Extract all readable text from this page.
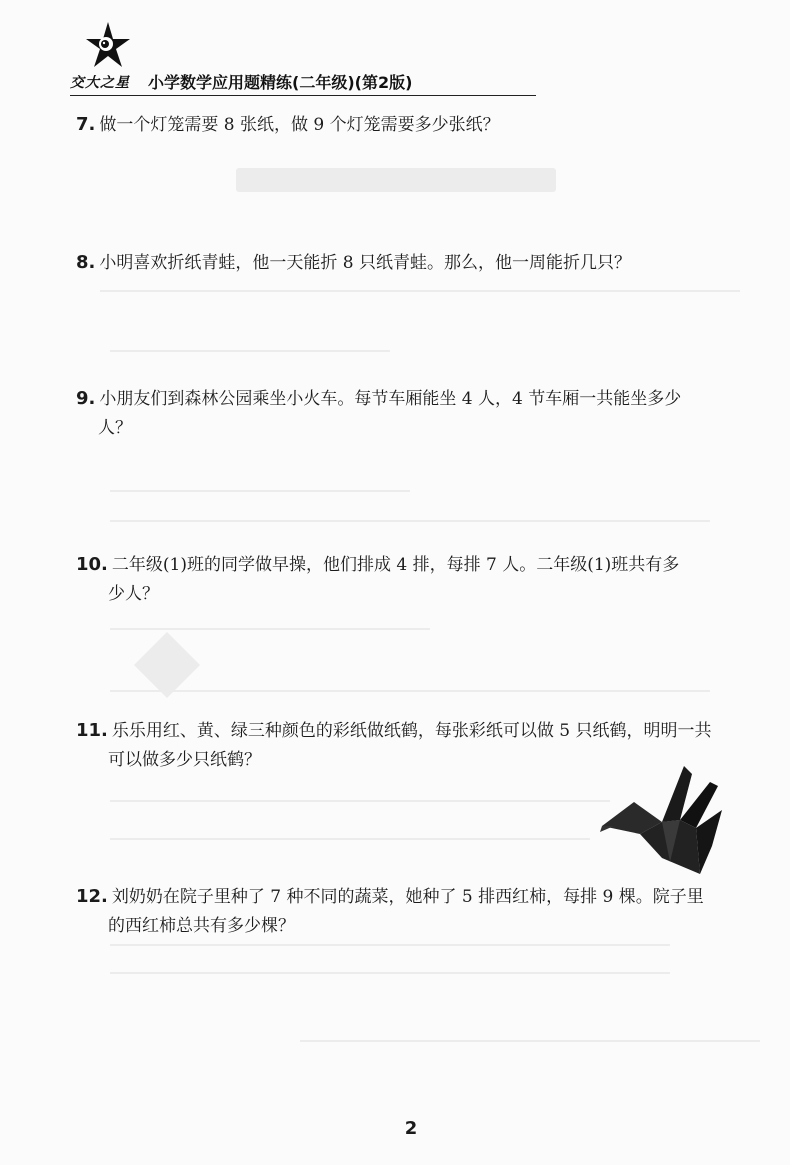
交大之星 小学数学应用题精练(二年级)(第2版)
7. 做一个灯笼需要 8 张纸，做 9 个灯笼需要多少张纸？
8. 小明喜欢折纸青蛙，他一天能折 8 只纸青蛙。那么，他一周能折几只？
9. 小朋友们到森林公园乘坐小火车。每节车厢能坐 4 人，4 节车厢一共能坐多少
人？
10. 二年级(1)班的同学做早操，他们排成 4 排，每排 7 人。二年级(1)班共有多
少人？
11. 乐乐用红、黄、绿三种颜色的彩纸做纸鹤，每张彩纸可以做 5 只纸鹤，明明一共
可以做多少只纸鹤？
12. 刘奶奶在院子里种了 7 种不同的蔬菜，她种了 5 排西红柿，每排 9 棵。院子里
的西红柿总共有多少棵？
2
